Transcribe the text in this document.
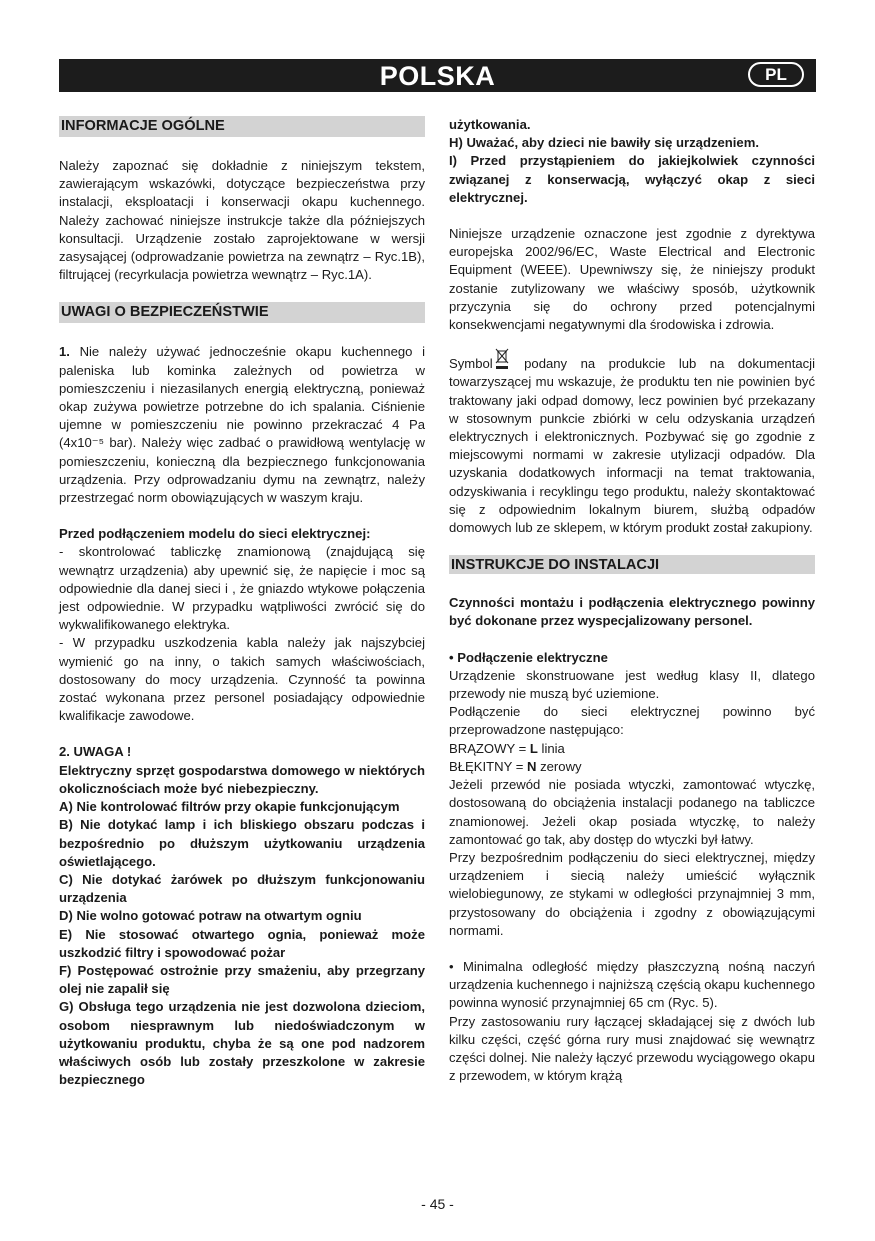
POLSKA	PL
INFORMACJE OGÓLNE

Należy zapoznać się dokładnie z niniejszym tekstem, zawierającym wskazówki, dotyczące bezpieczeństwa przy instalacji, eksploatacji i konserwacji okapu kuchennego. Należy zachować niniejsze instrukcje także dla późniejszych konsultacji. Urządzenie zostało zaprojektowane w wersji zasysającej (odprowadzanie powietrza na zewnątrz – Ryc.1B), filtrującej (recyrkulacja powietrza wewnątrz – Ryc.1A).

UWAGI O BEZPIECZEŃSTWIE

1. Nie należy używać jednocześnie okapu kuchennego i paleniska lub kominka zależnych od powietrza w pomieszczeniu i niezasilanych energią elektryczną, ponieważ okap zużywa powietrze potrzebne do ich spalania. Ciśnienie ujemne w pomieszczeniu nie powinno przekraczać 4 Pa (4x10⁻⁵ bar). Należy więc zadbać o prawidłową wentylację w pomieszczeniu, konieczną dla bezpiecznego funkcjonowania urządzenia. Przy odprowadzaniu dymu na zewnątrz, należy przestrzegać norm obowiązujących w waszym kraju.

Przed podłączeniem modelu do sieci elektrycznej:

- skontrolować tabliczkę znamionową (znajdującą się wewnątrz urządzenia) aby upewnić się, że napięcie i moc są odpowiednie dla danej sieci i , że gniazdo wtykowe połączenia jest odpowiednie. W przypadku wątpliwości zwrócić się do wykwalifikowanego elektryka.

- W przypadku uszkodzenia kabla należy jak najszybciej wymienić go na inny, o takich samych właściwościach, dostosowany do mocy urządzenia. Czynność ta powinna zostać wykonana przez personel posiadający odpowiednie kwalifikacje zawodowe.

2. UWAGA !

Elektryczny sprzęt gospodarstwa domowego w niektórych okolicznościach może być niebezpieczny.

A) Nie kontrolować filtrów przy okapie funkcjonującym

B) Nie dotykać lamp i ich bliskiego obszaru podczas i bezpośrednio po dłuższym użytkowaniu urządzenia oświetlającego.

C) Nie dotykać żarówek po dłuższym funkcjonowaniu urządzenia

D) Nie wolno gotować potraw na otwartym ogniu

E) Nie stosować otwartego ognia, ponieważ może uszkodzić filtry i spowodować pożar

F) Postępować ostrożnie przy smażeniu, aby przegrzany olej nie zapalił się

G) Obsługa tego urządzenia nie jest dozwolona dzieciom, osobom niesprawnym lub niedoświadczonym w użytkowaniu produktu, chyba że są one pod nadzorem właściwych osób lub zostały przeszkolone w zakresie bezpiecznego

użytkowania.

H) Uważać, aby dzieci nie bawiły się urządzeniem.

I) Przed przystąpieniem do jakiejkolwiek czynności związanej z konserwacją, wyłączyć okap z sieci elektrycznej.

Niniejsze urządzenie oznaczone jest zgodnie z dyrektywa europejska 2002/96/EC, Waste Electrical and Electronic Equipment (WEEE). Upewniwszy się, że niniejszy produkt zostanie zutylizowany we właściwy sposób, użytkownik przyczynia się do ochrony przed potencjalnymi konsekwencjami negatywnymi dla środowiska i zdrowia.

Symbol podany na produkcie lub na dokumentacji towarzyszącej mu wskazuje, że produktu ten nie powinien być traktowany jaki odpad domowy, lecz powinien być przekazany w stosownym punkcie zbiórki w celu odzyskania urządzeń elektrycznych i elektronicznych. Pozbywać się go zgodnie z miejscowymi normami w zakresie utylizacji odpadów. Dla uzyskania dodatkowych informacji na temat traktowania, odzyskiwania i recyklingu tego produktu, należy skontaktować się z odpowiednim lokalnym biurem, służbą odpadów domowych lub ze sklepem, w którym produkt został zakupiony.

INSTRUKCJE DO INSTALACJI

Czynności montażu i podłączenia elektrycznego powinny być dokonane przez wyspecjalizowany personel.

• Podłączenie elektryczne

Urządzenie skonstruowane jest według klasy II, dlatego przewody nie muszą być uziemione.

Podłączenie do sieci elektrycznej powinno być przeprowadzone następująco:

BRĄZOWY = L linia

BŁĘKITNY = N zerowy

Jeżeli przewód nie posiada wtyczki, zamontować wtyczkę, dostosowaną do obciążenia instalacji podanego na tabliczce znamionowej. Jeżeli okap posiada wtyczkę, to należy zamontować go tak, aby dostęp do wtyczki był łatwy.

Przy bezpośrednim podłączeniu do sieci elektrycznej, między urządzeniem i siecią należy umieścić wyłącznik wielobiegunowy, ze stykami w odległości przynajmniej 3 mm, przystosowany do obciążenia i zgodny z obowiązującymi normami.

• Minimalna odległość między płaszczyzną nośną naczyń urządzenia kuchennego i najniższą częścią okapu kuchennego powinna wynosić przynajmniej 65 cm (Ryc. 5).

Przy zastosowaniu rury łączącej składającej się z dwóch lub kilku części, część górna rury musi znajdować się wewnątrz części dolnej. Nie należy łączyć przewodu wyciągowego okapu z przewodem, w którym krążą

- 45 -
